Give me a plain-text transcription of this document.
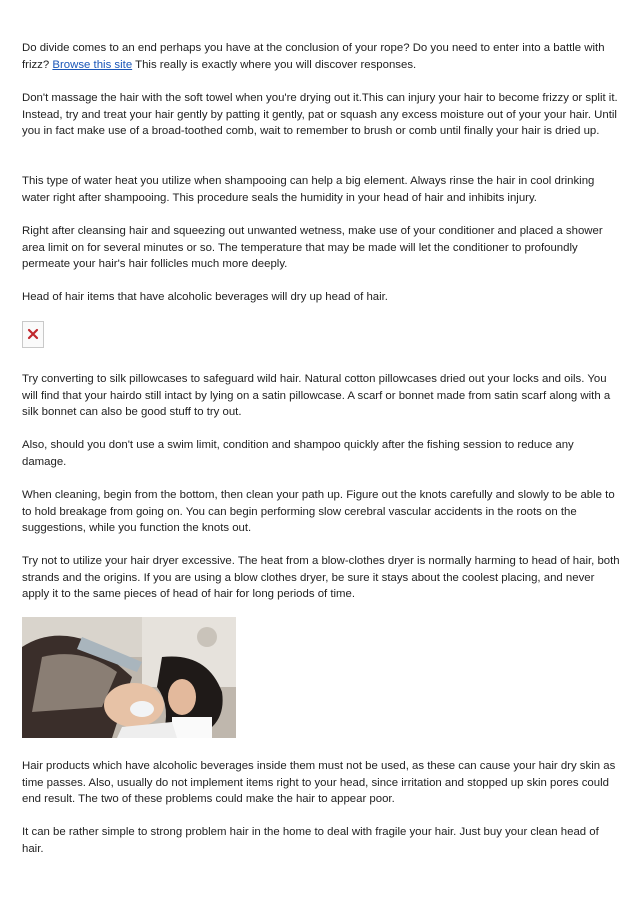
Do divide comes to an end perhaps you have at the conclusion of your rope? Do you need to enter into a battle with frizz? Browse this site This really is exactly where you will discover responses.

Don't massage the hair with the soft towel when you're drying out it.This can injury your hair to become frizzy or split it. Instead, try and treat your hair gently by patting it gently, pat or squash any excess moisture out of your your hair. Until you in fact make use of a broad-toothed comb, wait to remember to brush or comb until finally your hair is dried up.

This type of water heat you utilize when shampooing can help a big element. Always rinse the hair in cool drinking water right after shampooing. This procedure seals the humidity in your head of hair and inhibits injury.

Right after cleansing hair and squeezing out unwanted wetness, make use of your conditioner and placed a shower area limit on for several minutes or so. The temperature that may be made will let the conditioner to profoundly permeate your hair's hair follicles much more deeply.

Head of hair items that have alcoholic beverages will dry up head of hair.

Try converting to silk pillowcases to safeguard wild hair. Natural cotton pillowcases dried out your locks and oils. You will find that your hairdo still intact by lying on a satin pillowcase. A scarf or bonnet made from satin scarf along with a silk bonnet can also be good stuff to try out.

Also, should you don't use a swim limit, condition and shampoo quickly after the fishing session to reduce any damage.

When cleaning, begin from the bottom, then clean your path up. Figure out the knots carefully and slowly to be able to to hold breakage from going on. You can begin performing slow cerebral vascular accidents in the roots on the suggestions, while you function the knots out.

Try not to utilize your hair dryer excessive. The heat from a blow-clothes dryer is normally harming to head of hair, both strands and the origins. If you are using a blow clothes dryer, be sure it stays about the coolest placing, and never apply it to the same pieces of head of hair for long periods of time.

Hair products which have alcoholic beverages inside them must not be used, as these can cause your hair dry skin as time passes. Also, usually do not implement items right to your head, since irritation and stopped up skin pores could end result. The two of these problems could make the hair to appear poor.

It can be rather simple to strong problem hair in the home to deal with fragile your hair. Just buy your clean head of hair.
